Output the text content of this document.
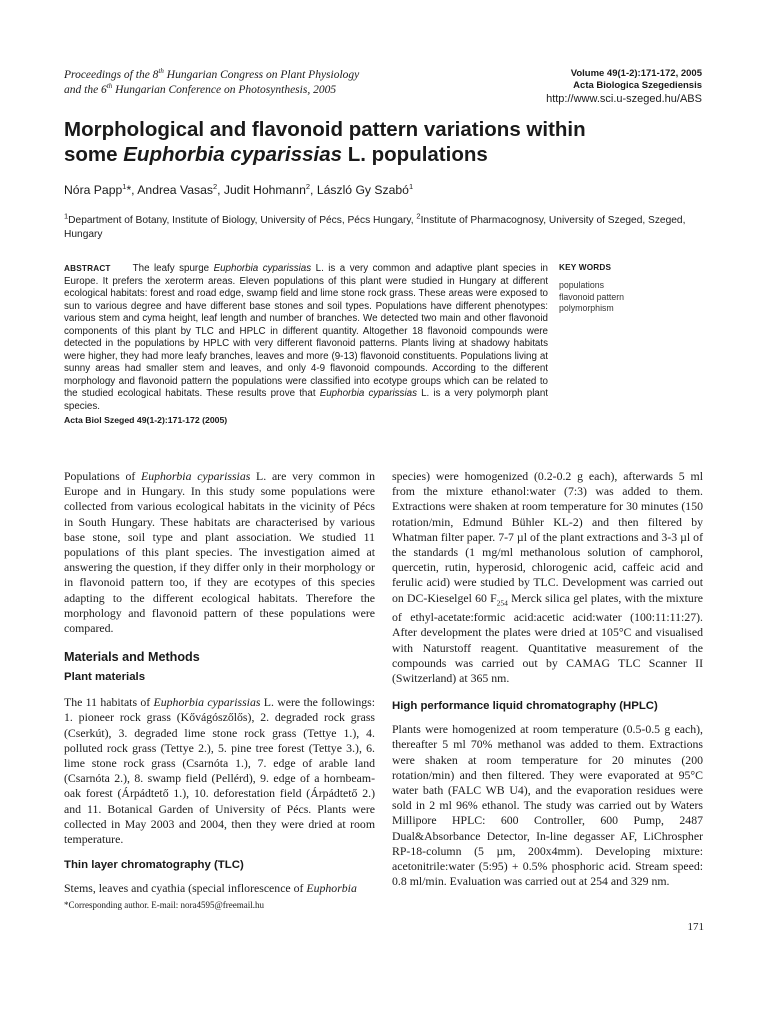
Proceedings of the 8th Hungarian Congress on Plant Physiology
and the 6th Hungarian Conference on Photosynthesis, 2005
Volume 49(1-2):171-172, 2005
Acta Biologica Szegediensis
http://www.sci.u-szeged.hu/ABS
Morphological and flavonoid pattern variations within
some Euphorbia cyparissias L. populations
Nóra Papp$^1$*, Andrea Vasas$^2$, Judit Hohmann$^2$, László Gy Szabó$^1$
$^1$Department of Botany, Institute of Biology, University of Pécs, Pécs Hungary, $^2$Institute of Pharmacognosy, University of Szeged, Szeged, Hungary
ABSTRACT The leafy spurge Euphorbia cyparissias L. is a very common and adaptive plant species in Europe. It prefers the xeroterm areas. Eleven populations of this plant were studied in Hungary at different ecological habitats: forest and road edge, swamp field and lime stone rock grass. These areas were exposed to sun to various degree and have different base stones and soil types. Populations have different phenotypes: various stem and cyma height, leaf length and number of branches. We detected two main and other flavonoid components of this plant by TLC and HPLC in different quantity. Altogether 18 flavonoid compounds were detected in the populations by HPLC with very different flavonoid patterns. Plants living at shadowy habitats were higher, they had more leafy branches, leaves and more (9-13) flavonoid constituents. Populations living at sunny areas had smaller stem and leaves, and only 4-9 flavonoid compounds. According to the different morphology and flavonoid pattern the populations were classified into ecotype groups which can be related to the studied ecological habitats. These results prove that Euphorbia cyparissias L. is a very polymorph plant species.
Acta Biol Szeged 49(1-2):171-172 (2005)
KEY WORDS
populations
flavonoid pattern
polymorphism

Populations of Euphorbia cyparissias L. are very common in Europe and in Hungary. In this study some populations were collected from various ecological habitats in the vicinity of Pécs in South Hungary. These habitats are characterised by various base stone, soil type and plant association. We studied 11 populations of this plant species. The investigation aimed at answering the question, if they differ only in their morphology or in flavonoid pattern too, if they are ecotypes of this species adapting to the different ecological habitats. Therefore the morphology and flavonoid pattern of these populations were compared.

Materials and Methods
Plant materials

The 11 habitats of Euphorbia cyparissias L. were the followings: 1. pioneer rock grass (Kővágószőlős), 2. degraded rock grass (Cserkút), 3. degraded lime stone rock grass (Tettye 1.), 4. polluted rock grass (Tettye 2.), 5. pine tree forest (Tettye 3.), 6. lime stone rock grass (Csarnóta 1.), 7. edge of arable land (Csarnóta 2.), 8. swamp field (Pellérd), 9. edge of a hornbeam-oak forest (Árpádtető 1.), 10. deforestation field (Árpádtető 2.) and 11. Botanical Garden of University of Pécs. Plants were collected in May 2003 and 2004, then they were dried at room temperature.

Thin layer chromatography (TLC)

Stems, leaves and cyathia (special inflorescence of Euphorbia

*Corresponding author. E-mail: nora4595@freemail.hu

species) were homogenized (0.2-0.2 g each), afterwards 5 ml from the mixture ethanol:water (7:3) was added to them. Extractions were shaken at room temperature for 30 minutes (150 rotation/min, Edmund Bühler KL-2) and then filtered by Whatman filter paper. 7-7 µl of the plant extractions and 3-3 µl of the standards (1 mg/ml methanolous solution of camphorol, quercetin, rutin, hyperosid, chlorogenic acid, caffeic acid and ferulic acid) were studied by TLC. Development was carried out on DC-Kieselgel 60 $F_{254}$ Merck silica gel plates, with the mixture of ethyl-acetate:formic acid:acetic acid:water (100:11:11:27). After development the plates were dried at 105°C and visualised with Naturstoff reagent. Quantitative measurement of the compounds was carried out by CAMAG TLC Scanner II (Switzerland) at 365 nm.

High performance liquid chromatography (HPLC)

Plants were homogenized at room temperature (0.5-0.5 g each), thereafter 5 ml 70% methanol was added to them. Extractions were shaken at room temperature for 20 minutes (200 rotation/min) and then filtered. They were evaporated at 95°C water bath (FALC WB U4), and the evaporation residues were sold in 2 ml 96% ethanol. The study was carried out by Waters Millipore HPLC: 600 Controller, 600 Pump, 2487 Dual&Absorbance Detector, In-line degasser AF, LiChrospher RP-18-column (5 µm, 200x4mm). Developing mixture: acetonitrile:water (5:95) + 0.5% phosphoric acid. Stream speed: 0.8 ml/min. Evaluation was carried out at 254 and 329 nm.

171
